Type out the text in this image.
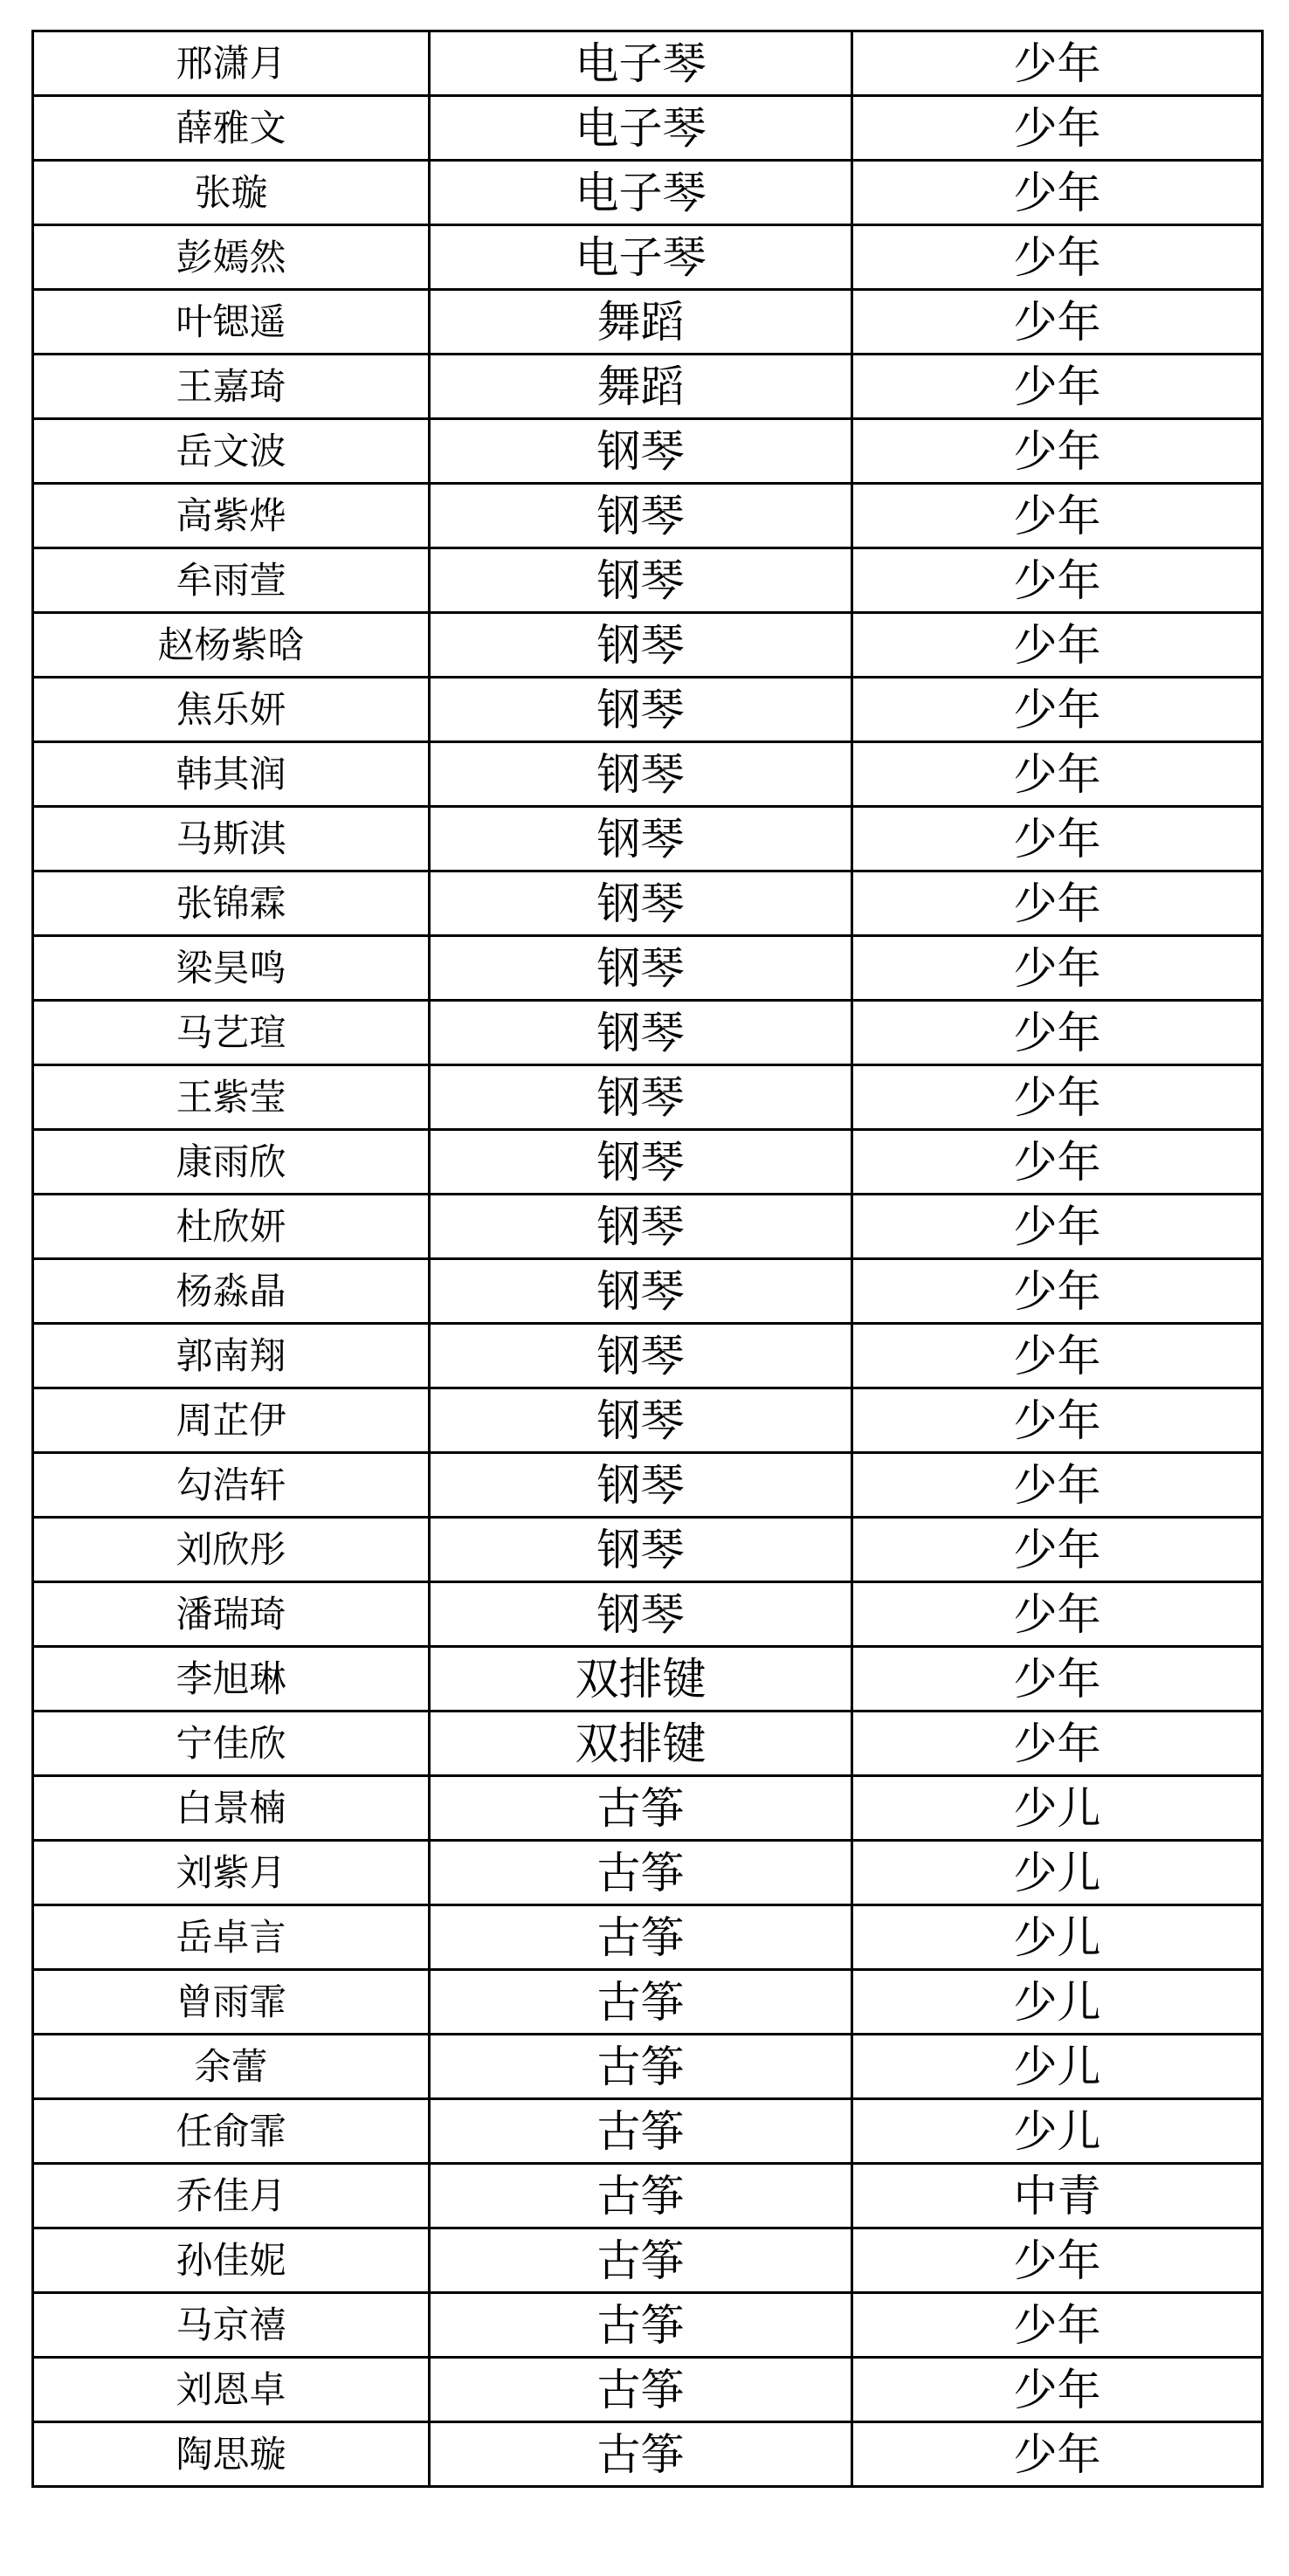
邢潇月	电子琴	少年
薛雅文	电子琴	少年
张璇	电子琴	少年
彭嫣然	电子琴	少年
叶锶遥	舞蹈	少年
王嘉琦	舞蹈	少年
岳文波	钢琴	少年
高紫烨	钢琴	少年
牟雨萱	钢琴	少年
赵杨紫晗	钢琴	少年
焦乐妍	钢琴	少年
韩其润	钢琴	少年
马斯淇	钢琴	少年
张锦霖	钢琴	少年
梁昊鸣	钢琴	少年
马艺瑄	钢琴	少年
王紫莹	钢琴	少年
康雨欣	钢琴	少年
杜欣妍	钢琴	少年
杨淼晶	钢琴	少年
郭南翔	钢琴	少年
周芷伊	钢琴	少年
勾浩轩	钢琴	少年
刘欣彤	钢琴	少年
潘瑞琦	钢琴	少年
李旭琳	双排键	少年
宁佳欣	双排键	少年
白景楠	古筝	少儿
刘紫月	古筝	少儿
岳卓言	古筝	少儿
曾雨霏	古筝	少儿
余蕾	古筝	少儿
任俞霏	古筝	少儿
乔佳月	古筝	中青
孙佳妮	古筝	少年
马京禧	古筝	少年
刘恩卓	古筝	少年
陶思璇	古筝	少年
